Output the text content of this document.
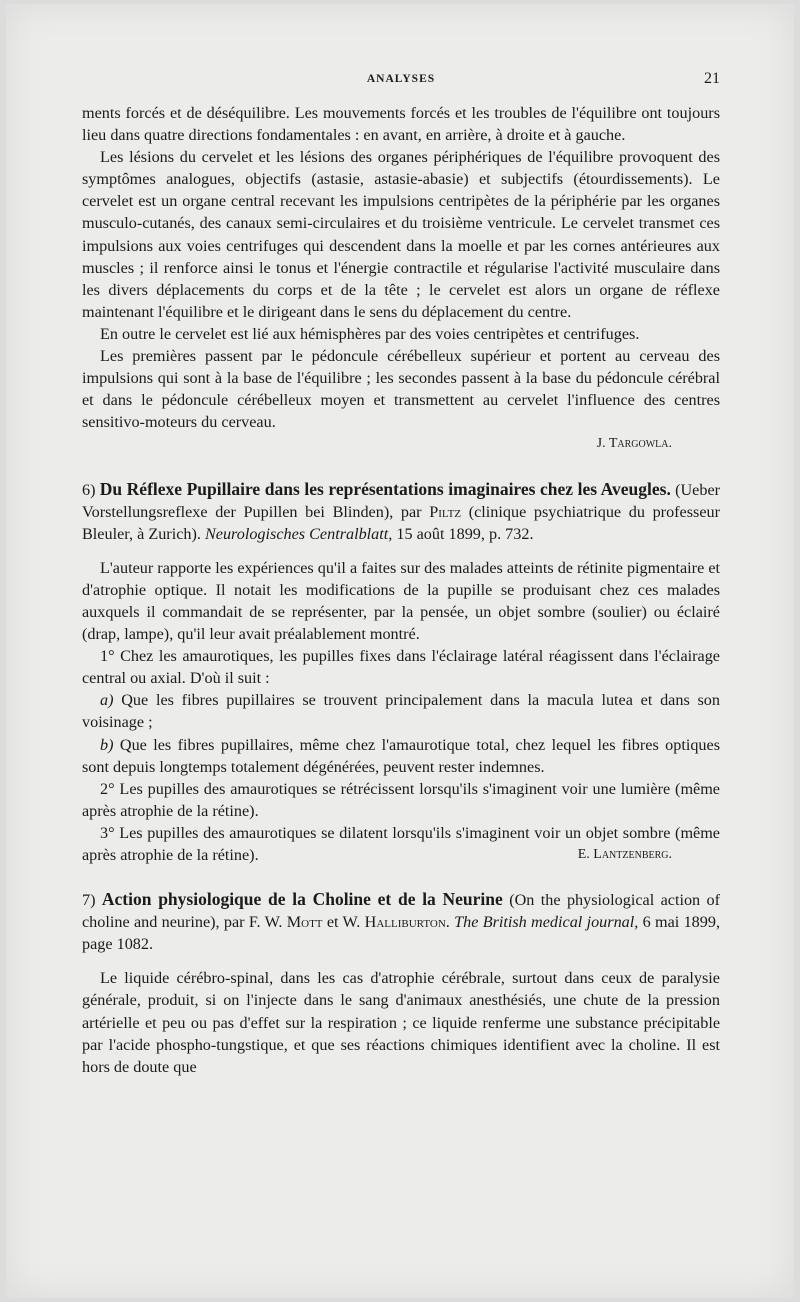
ANALYSES	21

ments forcés et de déséquilibre. Les mouvements forcés et les troubles de l'équilibre ont toujours lieu dans quatre directions fondamentales : en avant, en arrière, à droite et à gauche.

Les lésions du cervelet et les lésions des organes périphériques de l'équilibre provoquent des symptômes analogues, objectifs (astasie, astasie-abasie) et subjectifs (étourdissements). Le cervelet est un organe central recevant les impulsions centripètes de la périphérie par les organes musculo-cutanés, des canaux semi-circulaires et du troisième ventricule. Le cervelet transmet ces impulsions aux voies centrifuges qui descendent dans la moelle et par les cornes antérieures aux muscles ; il renforce ainsi le tonus et l'énergie contractile et régularise l'activité musculaire dans les divers déplacements du corps et de la tête ; le cervelet est alors un organe de réflexe maintenant l'équilibre et le dirigeant dans le sens du déplacement du centre.

En outre le cervelet est lié aux hémisphères par des voies centripètes et centrifuges.

Les premières passent par le pédoncule cérébelleux supérieur et portent au cerveau des impulsions qui sont à la base de l'équilibre ; les secondes passent à la base du pédoncule cérébral et dans le pédoncule cérébelleux moyen et transmettent au cervelet l'influence des centres sensitivo-moteurs du cerveau.

J. Targowla.

6) Du Réflexe Pupillaire dans les représentations imaginaires chez les Aveugles. (Ueber Vorstellungsreflexe der Pupillen bei Blinden), par Piltz (clinique psychiatrique du professeur Bleuler, à Zurich). Neurologisches Centralblatt, 15 août 1899, p. 732.

L'auteur rapporte les expériences qu'il a faites sur des malades atteints de rétinite pigmentaire et d'atrophie optique. Il notait les modifications de la pupille se produisant chez ces malades auxquels il commandait de se représenter, par la pensée, un objet sombre (soulier) ou éclairé (drap, lampe), qu'il leur avait préalablement montré.

1° Chez les amaurotiques, les pupilles fixes dans l'éclairage latéral réagissent dans l'éclairage central ou axial. D'où il suit :

a) Que les fibres pupillaires se trouvent principalement dans la macula lutea et dans son voisinage ;

b) Que les fibres pupillaires, même chez l'amaurotique total, chez lequel les fibres optiques sont depuis longtemps totalement dégénérées, peuvent rester indemnes.

2° Les pupilles des amaurotiques se rétrécissent lorsqu'ils s'imaginent voir une lumière (même après atrophie de la rétine).

3° Les pupilles des amaurotiques se dilatent lorsqu'ils s'imaginent voir un objet sombre (même après atrophie de la rétine).	E. Lantzenberg.

7) Action physiologique de la Choline et de la Neurine (On the physiological action of choline and neurine), par F. W. Mott et W. Halliburton. The British medical journal, 6 mai 1899, page 1082.

Le liquide cérébro-spinal, dans les cas d'atrophie cérébrale, surtout dans ceux de paralysie générale, produit, si on l'injecte dans le sang d'animaux anesthésiés, une chute de la pression artérielle et peu ou pas d'effet sur la respiration ; ce liquide renferme une substance précipitable par l'acide phospho-tungstique, et que ses réactions chimiques identifient avec la choline. Il est hors de doute que
